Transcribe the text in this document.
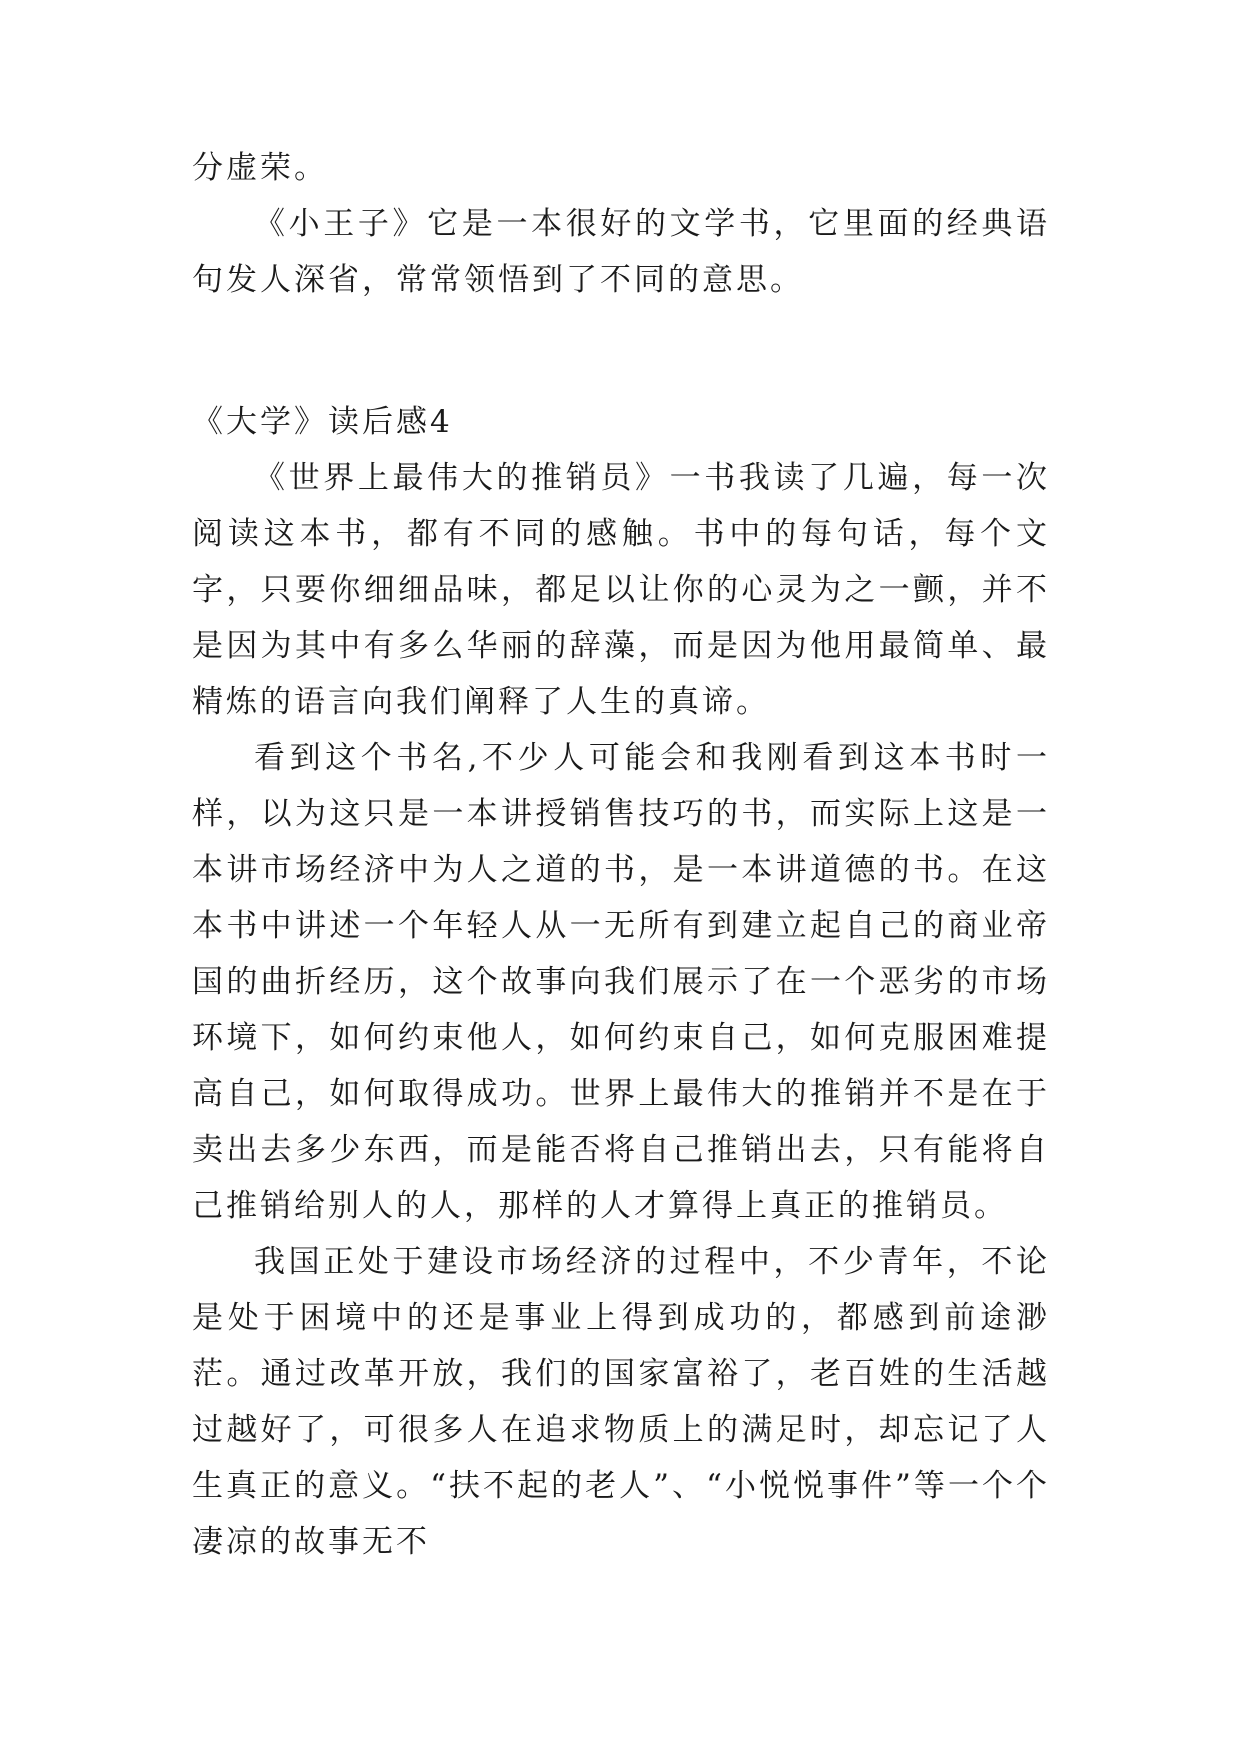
分虚荣。

《小王子》它是一本很好的文学书，它里面的经典语句发人深省，常常领悟到了不同的意思。

《大学》读后感4

《世界上最伟大的推销员》一书我读了几遍，每一次阅读这本书，都有不同的感触。书中的每句话，每个文字，只要你细细品味，都足以让你的心灵为之一颤，并不是因为其中有多么华丽的辞藻，而是因为他用最简单、最精炼的语言向我们阐释了人生的真谛。

看到这个书名,不少人可能会和我刚看到这本书时一样，以为这只是一本讲授销售技巧的书，而实际上这是一本讲市场经济中为人之道的书，是一本讲道德的书。在这本书中讲述一个年轻人从一无所有到建立起自己的商业帝国的曲折经历，这个故事向我们展示了在一个恶劣的市场环境下，如何约束他人，如何约束自己，如何克服困难提高自己，如何取得成功。世界上最伟大的推销并不是在于卖出去多少东西，而是能否将自己推销出去，只有能将自己推销给别人的人，那样的人才算得上真正的推销员。

我国正处于建设市场经济的过程中，不少青年，不论是处于困境中的还是事业上得到成功的，都感到前途渺茫。通过改革开放，我们的国家富裕了，老百姓的生活越过越好了，可很多人在追求物质上的满足时，却忘记了人生真正的意义。“扶不起的老人”、“小悦悦事件”等一个个凄凉的故事无不
